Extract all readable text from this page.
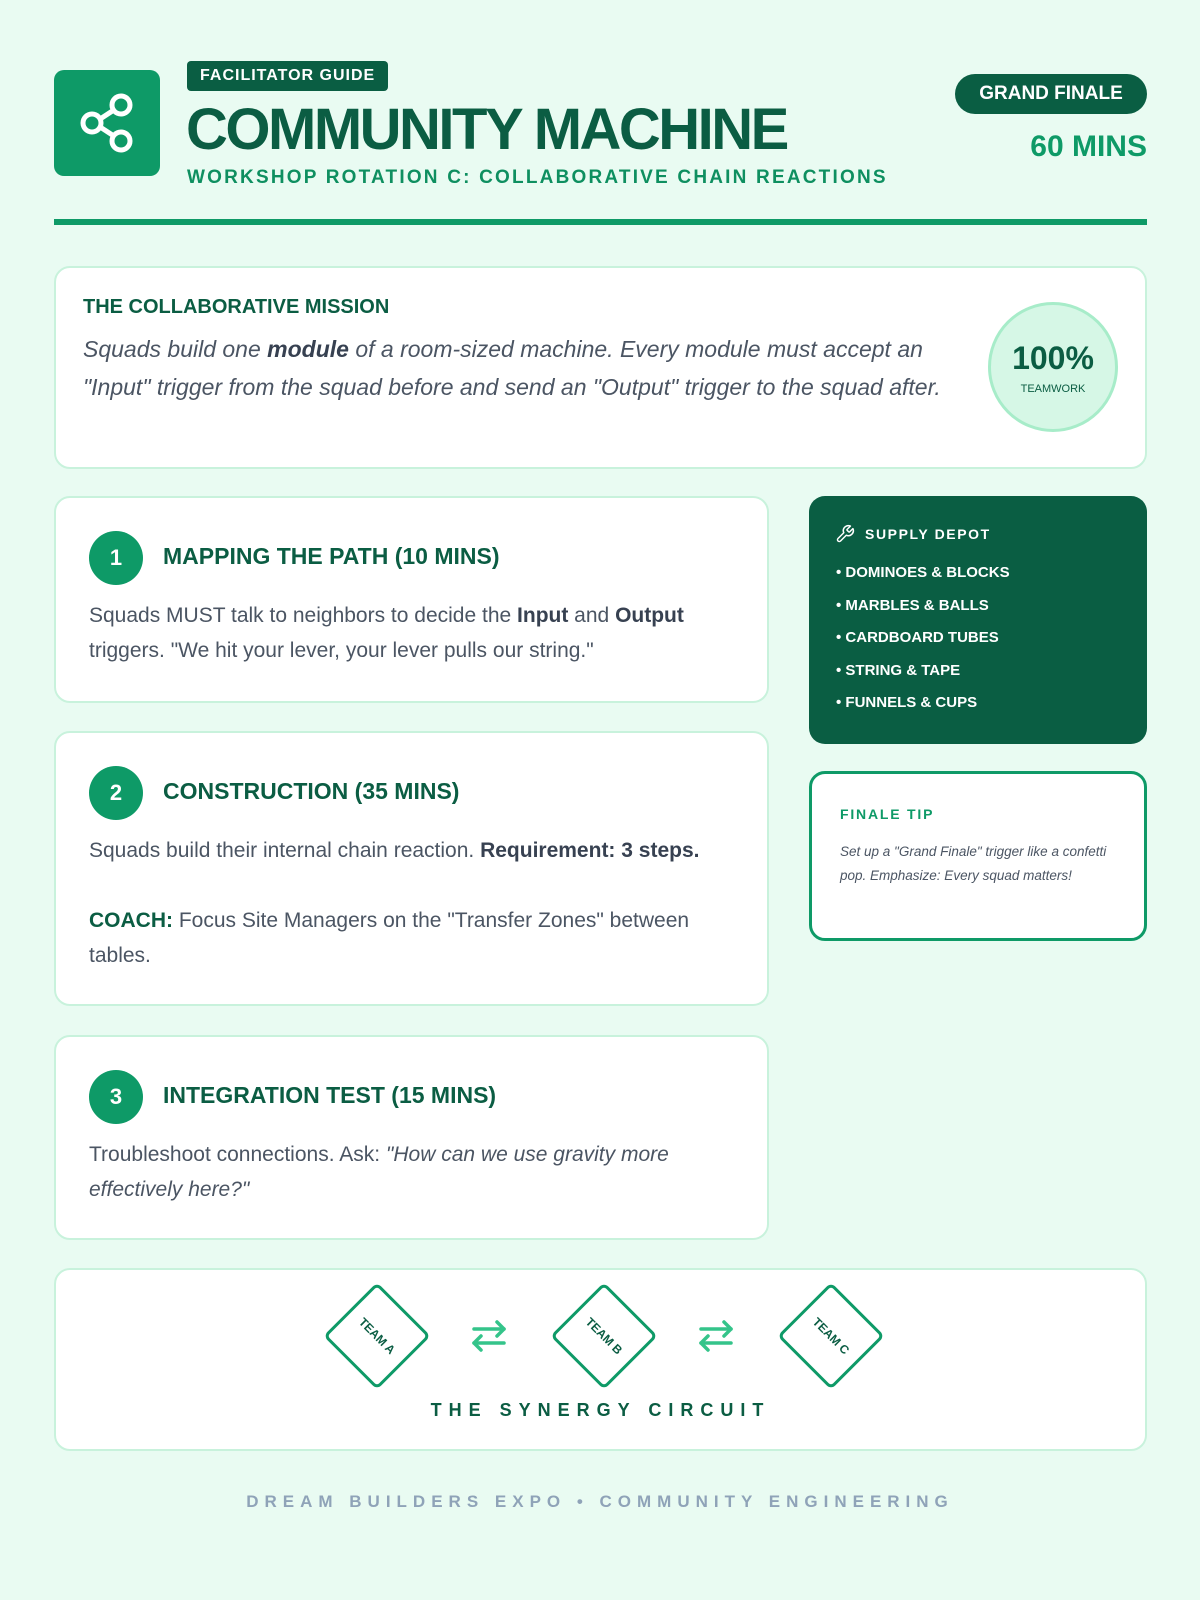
FACILITATOR GUIDE
COMMUNITY MACHINE
WORKSHOP ROTATION C: COLLABORATIVE CHAIN REACTIONS
GRAND FINALE
60 MINS
THE COLLABORATIVE MISSION
Squads build one module of a room-sized machine. Every module must accept an "Input" trigger from the squad before and send an "Output" trigger to the squad after.
100%
TEAMWORK
1	MAPPING THE PATH (10 MINS)
Squads MUST talk to neighbors to decide the Input and Output triggers. "We hit your lever, your lever pulls our string."
2	CONSTRUCTION (35 MINS)
Squads build their internal chain reaction. Requirement: 3 steps.
COACH: Focus Site Managers on the "Transfer Zones" between tables.
3	INTEGRATION TEST (15 MINS)
Troubleshoot connections. Ask: "How can we use gravity more effectively here?"
SUPPLY DEPOT
• DOMINOES & BLOCKS
• MARBLES & BALLS
• CARDBOARD TUBES
• STRING & TAPE
• FUNNELS & CUPS
FINALE TIP
Set up a "Grand Finale" trigger like a confetti pop. Emphasize: Every squad matters!
TEAM A	TEAM B	TEAM C
THE SYNERGY CIRCUIT
DREAM BUILDERS EXPO • COMMUNITY ENGINEERING
